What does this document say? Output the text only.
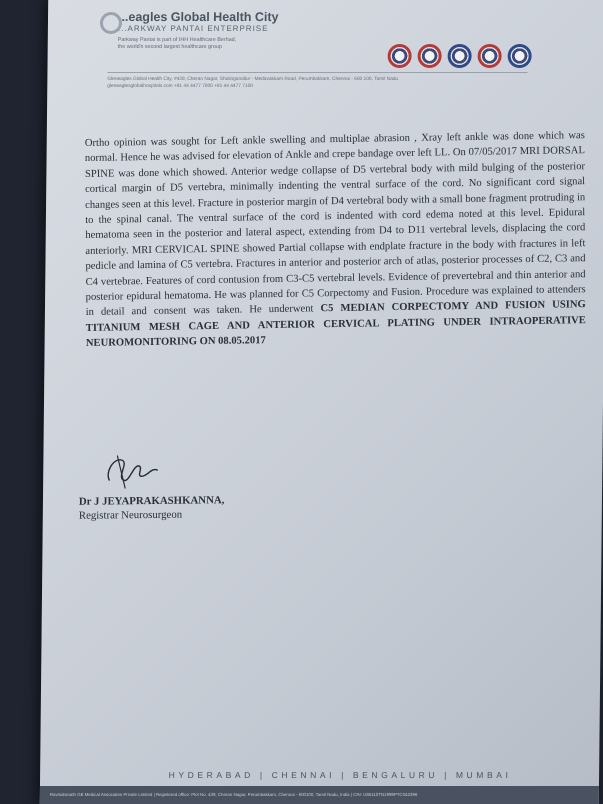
...eagles Global Health City
...ARKWAY PANTAI ENTERPRISE
Parkway Pantai is part of IHH Healthcare Berhad, the world's second largest healthcare group
Gleneagles Global Health City, #439, Cheran Nagar, Sholinganallur - Medavakkam Road, Perumbakkam, Chennai - 600 100, Tamil Nadu
gleneaglesglobalhospitals.com +91 44 4477 7000 +91 44 4477 7100
Ortho opinion was sought for Left ankle swelling and multiplae abrasion , Xray left ankle was done which was normal. Hence he was advised for elevation of Ankle and crepe bandage over left LL. On 07/05/2017 MRI DORSAL SPINE was done which showed. Anterior wedge collapse of D5 vertebral body with mild bulging of the posterior cortical margin of D5 vertebra, minimally indenting the ventral surface of the cord. No significant cord signal changes seen at this level. Fracture in posterior margin of D4 vertebral body with a small bone fragment protruding in to the spinal canal. The ventral surface of the cord is indented with cord edema noted at this level. Epidural hematoma seen in the posterior and lateral aspect, extending from D4 to D11 vertebral levels, displacing the cord anteriorly. MRI CERVICAL SPINE showed Partial collapse with endplate fracture in the body with fractures in left pedicle and lamina of C5 vertebra. Fractures in anterior and posterior arch of atlas, posterior processes of C2, C3 and C4 vertebrae. Features of cord contusion from C3-C5 vertebral levels. Evidence of prevertebral and thin anterior and posterior epidural hematoma. He was planned for C5 Corpectomy and Fusion. Procedure was explained to attenders in detail and consent was taken. He underwent C5 MEDIAN CORPECTOMY AND FUSION USING TITANIUM MESH CAGE AND ANTERIOR CERVICAL PLATING UNDER INTRAOPERATIVE NEUROMONITORING ON 08.05.2017
Dr J JEYAPRAKASHKANNA,
Registrar Neurosurgeon
HYDERABAD | CHENNAI | BENGALURU | MUMBAI
Ravindranath GE Medical Associates Private Limited | Registered office: Plot No. 439, Cheran Nagar, Perumbakkam, Chennai - 600100, Tamil Nadu, India | CIN: U85110TN1999PTC042396
